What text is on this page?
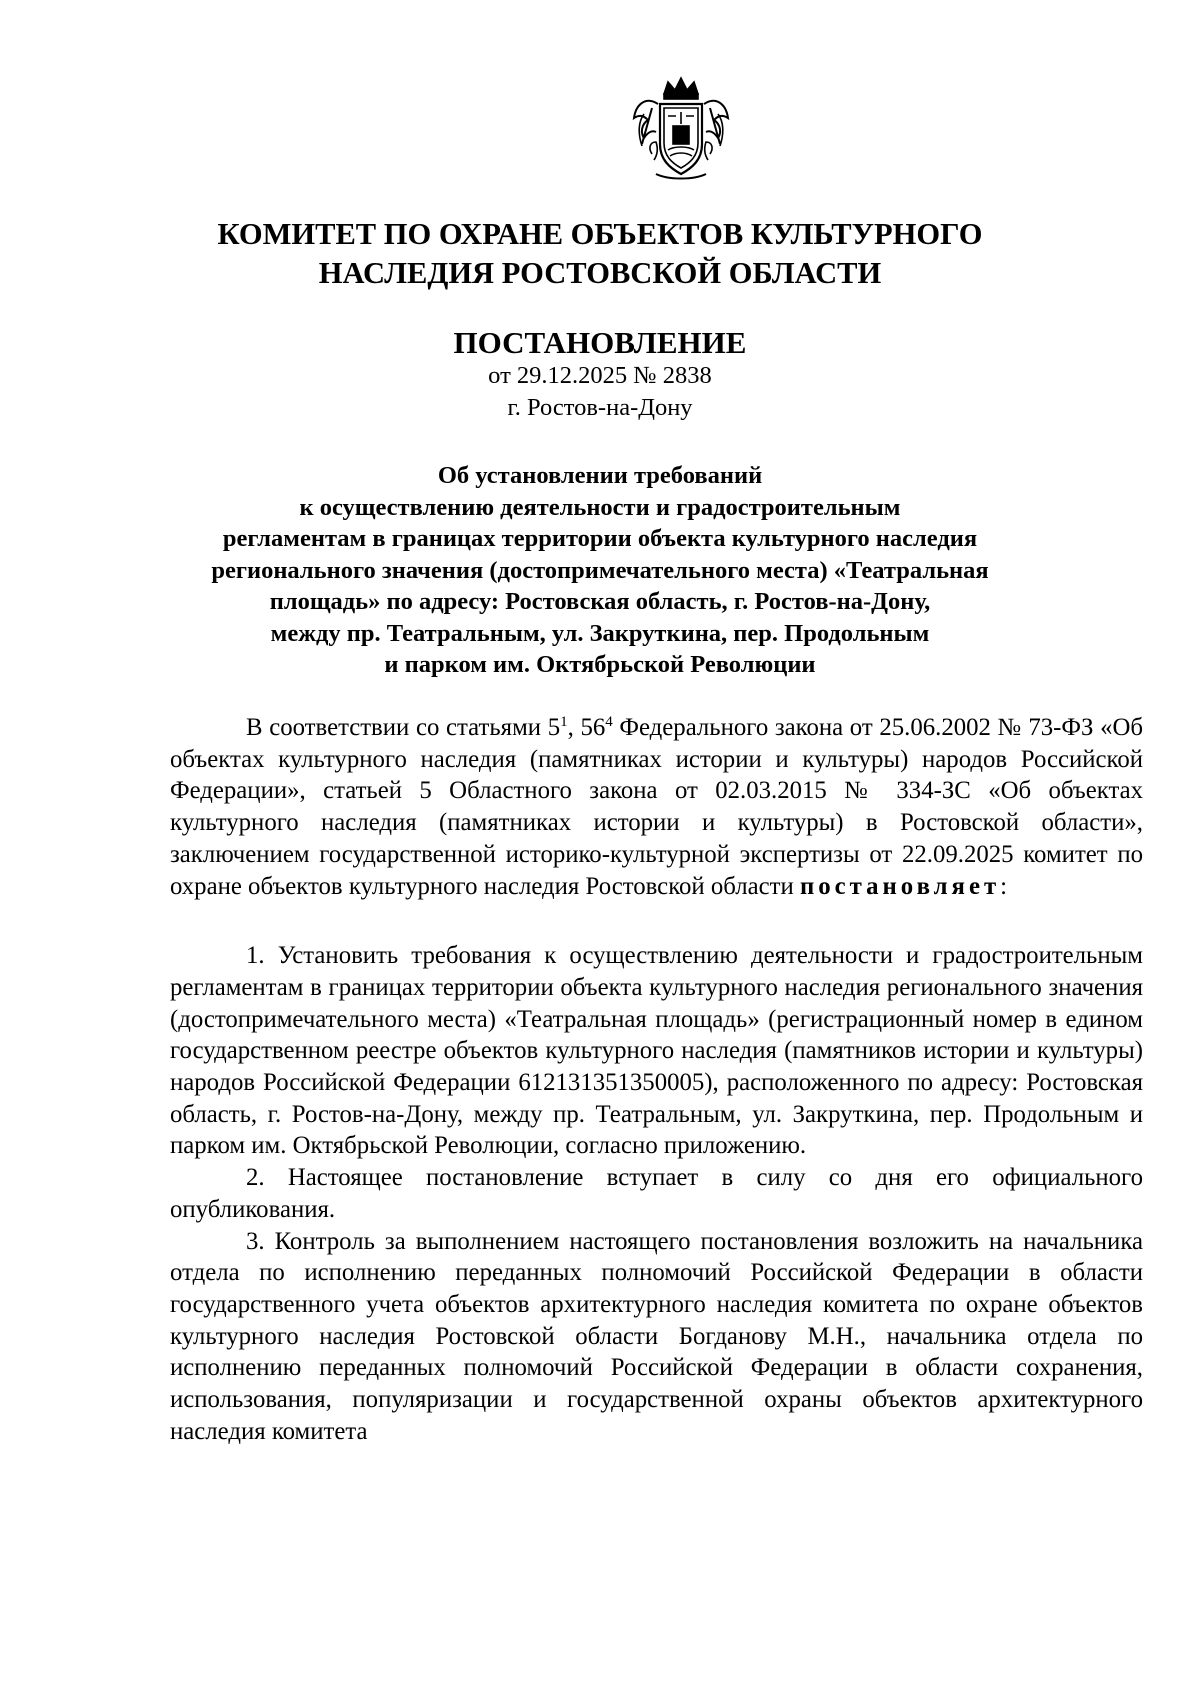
КОМИТЕТ ПО ОХРАНЕ ОБЪЕКТОВ КУЛЬТУРНОГО
НАСЛЕДИЯ РОСТОВСКОЙ ОБЛАСТИ
ПОСТАНОВЛЕНИЕ
от 29.12.2025 № 2838
г. Ростов-на-Дону
Об установлении требований
к осуществлению деятельности и градостроительным
регламентам в границах территории объекта культурного наследия
регионального значения (достопримечательного места) «Театральная
площадь» по адресу: Ростовская область, г. Ростов-на-Дону,
между пр. Театральным, ул. Закруткина, пер. Продольным
и парком им. Октябрьской Революции

В соответствии со статьями $5^1$, $56^4$ Федерального закона от 25.06.2002 № 73-ФЗ «Об объектах культурного наследия (памятниках истории и культуры) народов Российской Федерации», статьей 5 Областного закона от 02.03.2015 № 334-ЗС «Об объектах культурного наследия (памятниках истории и культуры) в Ростовской области», заключением государственной историко-культурной экспертизы от 22.09.2025 комитет по охране объектов культурного наследия Ростовской области постановляет:

1. Установить требования к осуществлению деятельности и градостроительным регламентам в границах территории объекта культурного наследия регионального значения (достопримечательного места) «Театральная площадь» (регистрационный номер в едином государственном реестре объектов культурного наследия (памятников истории и культуры) народов Российской Федерации 612131351350005), расположенного по адресу: Ростовская область, г. Ростов-на-Дону, между пр. Театральным, ул. Закруткина, пер. Продольным и парком им. Октябрьской Революции, согласно приложению.

2. Настоящее постановление вступает в силу со дня его официального опубликования.

3. Контроль за выполнением настоящего постановления возложить на начальника отдела по исполнению переданных полномочий Российской Федерации в области государственного учета объектов архитектурного наследия комитета по охране объектов культурного наследия Ростовской области Богданову М.Н., начальника отдела по исполнению переданных полномочий Российской Федерации в области сохранения, использования, популяризации и государственной охраны объектов архитектурного наследия комитета
